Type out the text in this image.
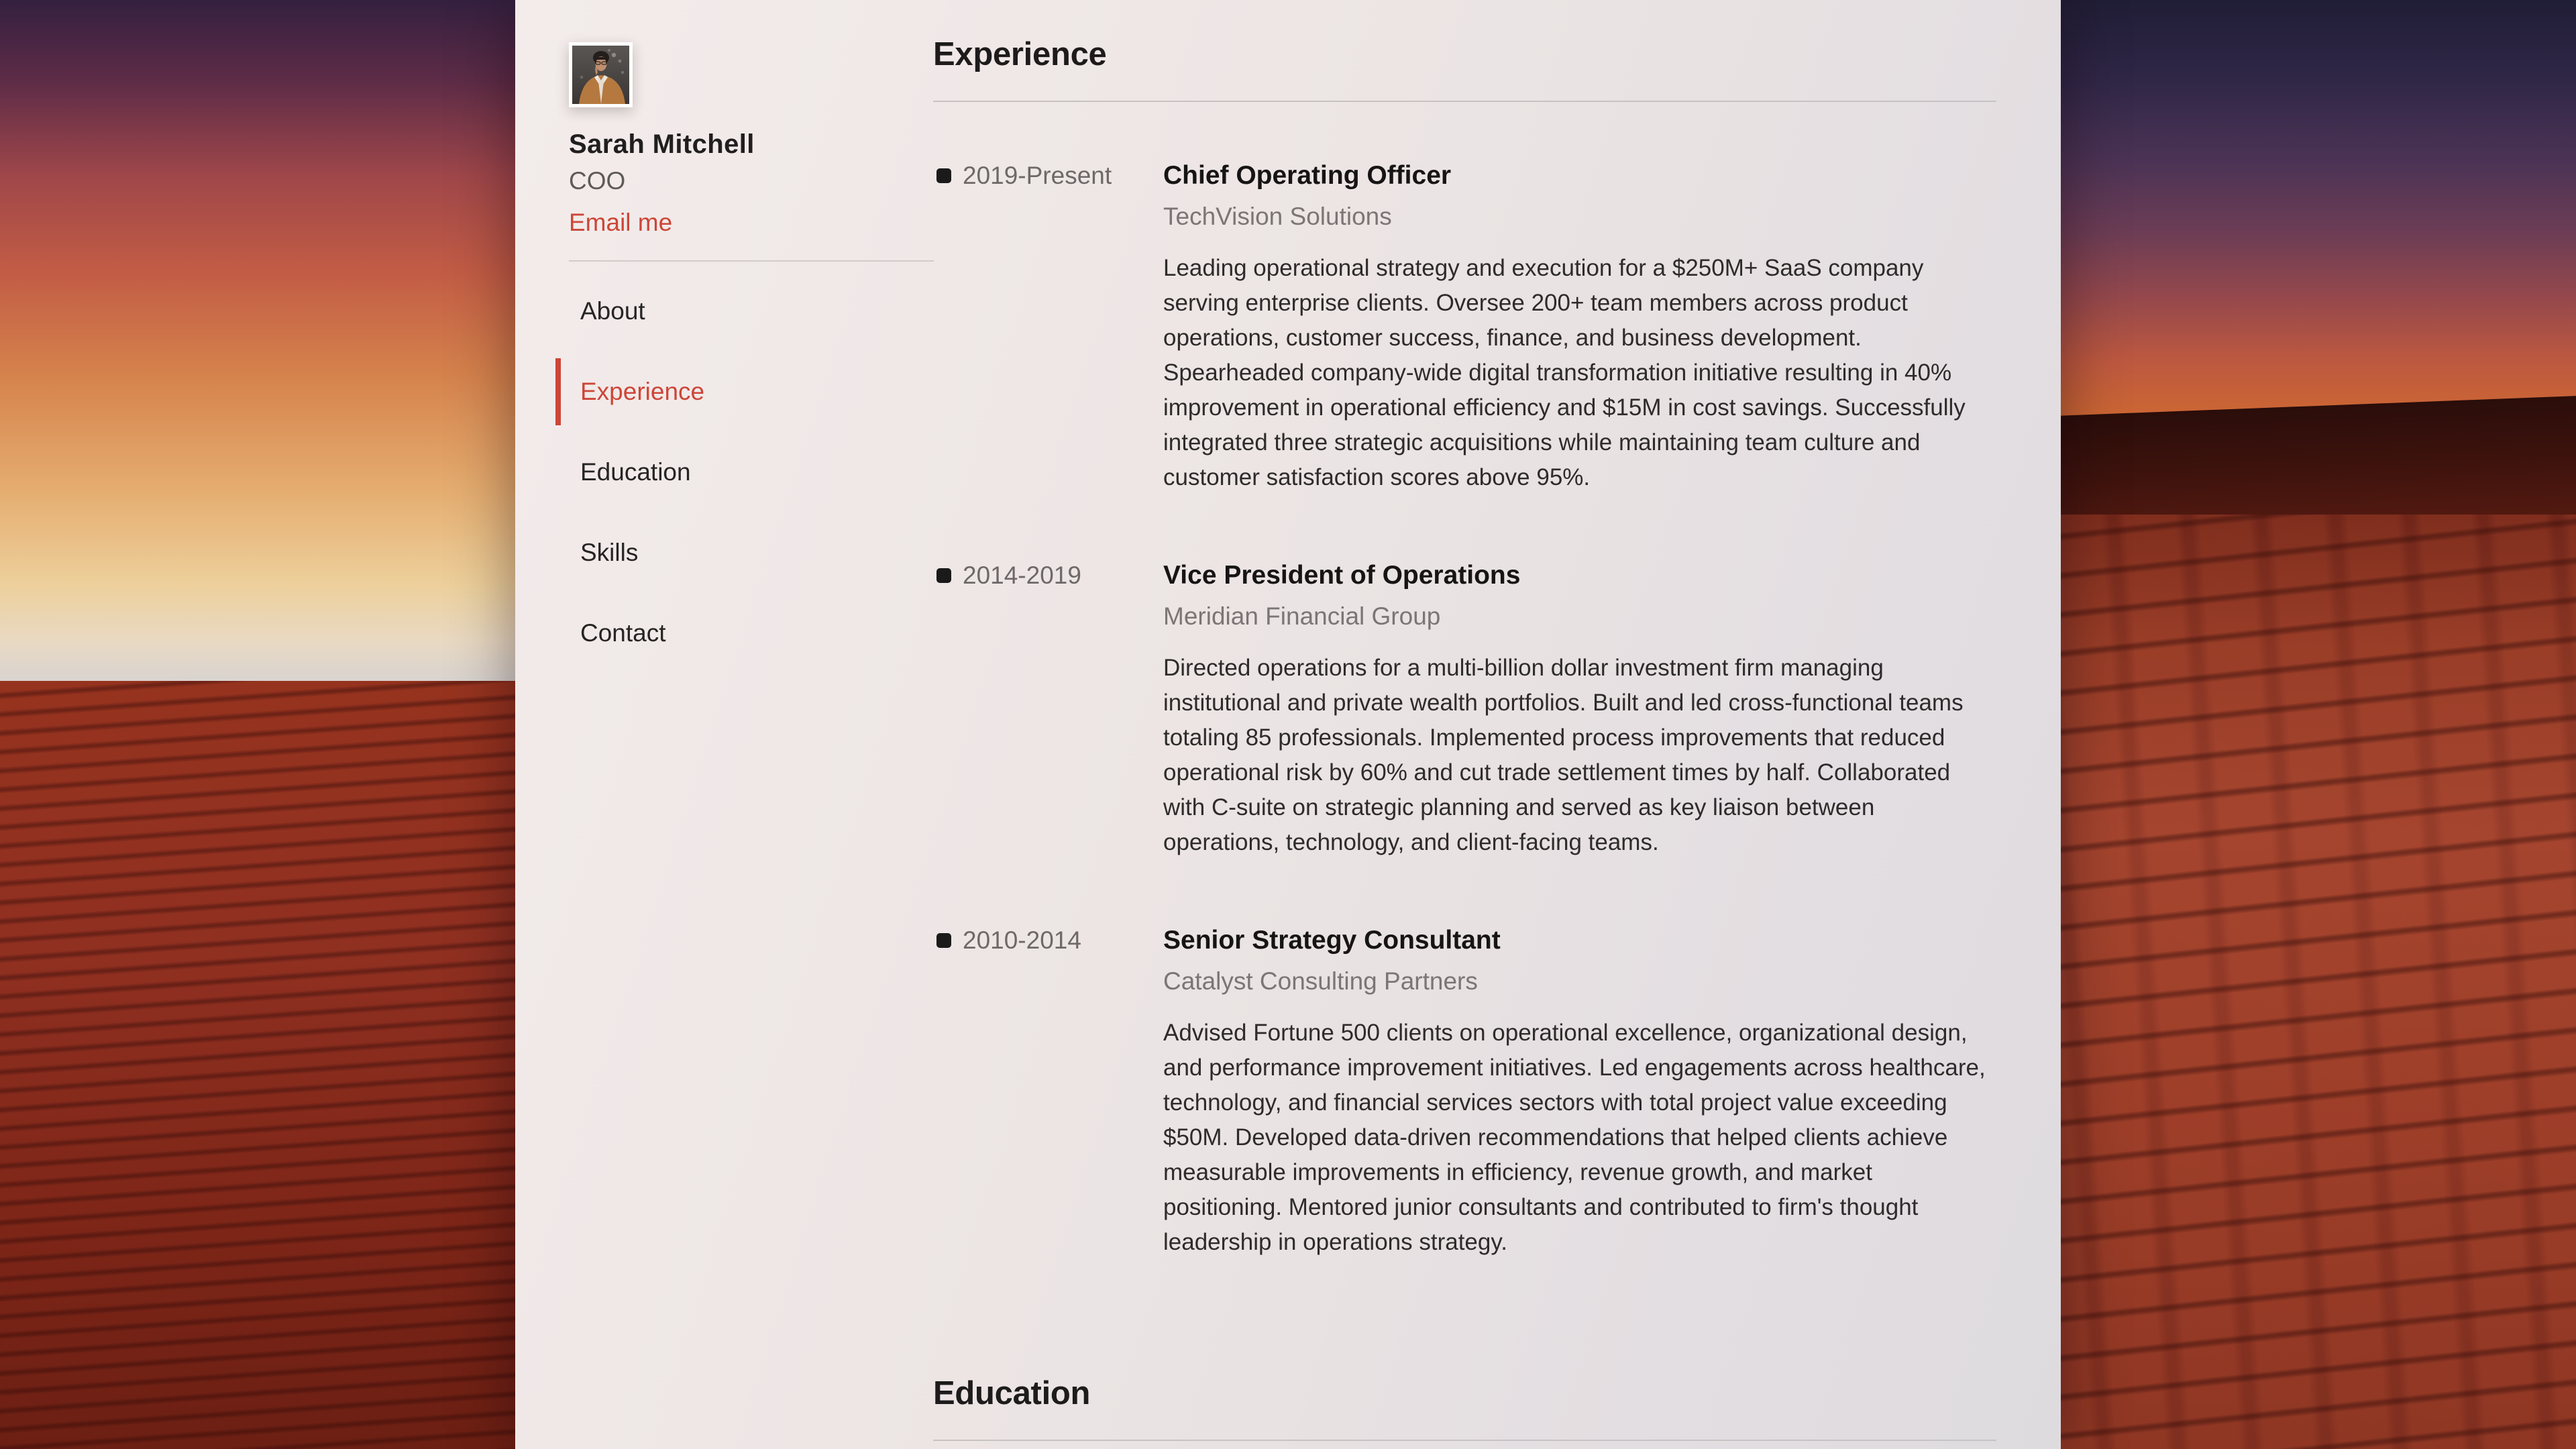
Sarah Mitchell
COO
Email me
About
Experience
Education
Skills
Contact
Experience
2019-Present Chief Operating Officer
TechVision Solutions

Leading operational strategy and execution for a $250M+ SaaS company serving enterprise clients. Oversee 200+ team members across product operations, customer success, finance, and business development. Spearheaded company-wide digital transformation initiative resulting in 40% improvement in operational efficiency and $15M in cost savings. Successfully integrated three strategic acquisitions while maintaining team culture and customer satisfaction scores above 95%.

2014-2019	Vice President of Operations
Meridian Financial Group

Directed operations for a multi-billion dollar investment firm managing institutional and private wealth portfolios. Built and led cross-functional teams totaling 85 professionals. Implemented process improvements that reduced operational risk by 60% and cut trade settlement times by half. Collaborated with C-suite on strategic planning and served as key liaison between operations, technology, and client-facing teams.

2010-2014	Senior Strategy Consultant
Catalyst Consulting Partners

Advised Fortune 500 clients on operational excellence, organizational design, and performance improvement initiatives. Led engagements across healthcare, technology, and financial services sectors with total project value exceeding $50M. Developed data-driven recommendations that helped clients achieve measurable improvements in efficiency, revenue growth, and market positioning. Mentored junior consultants and contributed to firm's thought leadership in operations strategy.

Education
